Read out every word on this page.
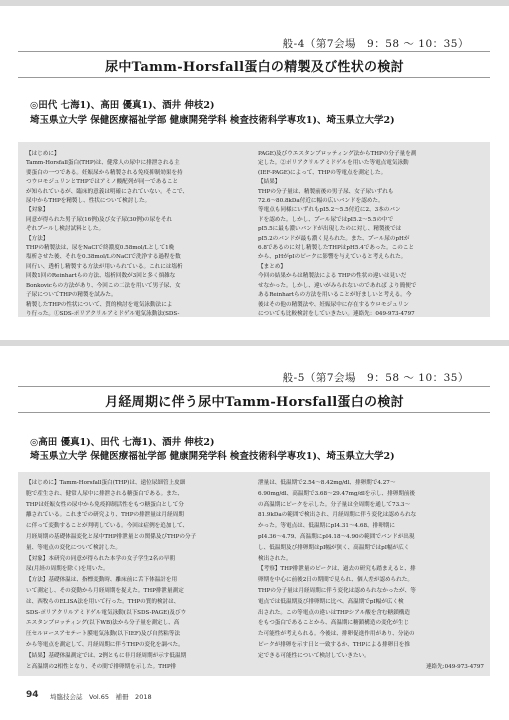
般-4（第7会場　9：58 ～ 10：35）
尿中Tamm-Horsfall蛋白の精製及び性状の検討
◎田代 七海1)、高田 優真1)、酒井 伸枝2)
埼玉県立大学 保健医療福祉学部 健康開発学科 検査技術科学専攻1)、埼玉県立大学2)

【はじめに】

Tamm-Horsfall蛋白(THP)は、健常人の尿中に排泄される主

要蛋白の一つである。妊娠尿から精製される免疫抑制効果を持

つウロモジュリンとTHPではアミノ酸配列が同一であること

が知られているが、臨床的意義は明確にされていない。そこで、

尿中からTHPを精製し、性状について検討した。

【対象】

同意が得られた男子尿(16例)及び女子尿(30例)の尿をそれ

ぞれプールし検討試料とした。

【方法】

THPの精製法は、尿をNaClで終濃度0.58mol/Lとして1晩

塩析させた後、それを0.38mol/LのNaClで洗浄する過程を数

回行い、透析し精製する方法が用いられている。これには塩析

回数1回のReinhartらの方法、塩析回数が3回と多く煩雑な

Bonkovicらの方法があり、今回この二法を用いて男子尿、女

子尿についてTHPの精製を試みた。

精製したTHPの性状について、質的検討を電気泳動法によ

り行った。①SDS-ポリアクリルアミドゲル電気泳動法(SDS-

PAGE)及びウエスタンブロッティング法からTHPの分子量を測

定した。②ポリアクリルアミドゲルを用いた等電点電気泳動

(IEF-PAGE)によって、THPの等電点を測定した。

【結果】

THPの分子量は、精製前後の男子尿、女子尿いずれも

72.6～80.8kDa付近に幅の広いバンドを認めた。

等電点も同様にいずれもpI5.2～5.5付近に2、3本のバン

ドを認めた。しかし、プール尿ではpI5.2～5.5の中で

pI5.5に最も濃いバンドが出現したのに対し、精製後では

pI5.2のバンドが最も濃く見られた。また、プール尿のpHが

6.8であるのに対し精製したTHPはpH5.4であった。このこと

から、pHがpIのピークに影響を与えていると考えられた。

【まとめ】

今回の結果からは精製法による THPの性状の違いは見いだ

せなかった。しかし、違いがみられないのであれば より簡便で

あるReinhartらの方法を用いることが好ましいと考える。今

後はその他の精製法や、妊娠尿中に存在するウロモジュリン

についても比較検討をしていきたい。連絡先：049-973-4797

般-5（第7会場　9：58 ～ 10：35）
月経周期に伴う尿中Tamm-Horsfall蛋白の検討
◎高田 優真1)、田代 七海1)、酒井 伸枝2)
埼玉県立大学 保健医療福祉学部 健康開発学科 検査技術科学専攻1)、埼玉県立大学2)

【はじめに】Tamm-Horsfall蛋白(THP)は、遠位尿細管上皮細

胞で産生され、健常人尿中に排泄される糖蛋白である。また、

THPは妊娠女性の尿中から免疫抑制活性をもつ糖蛋白として分

離されている。これまでの研究より、THPの排泄量は月経周期

に伴って変動することが判明している。今回は症例を追加して、

月経周期の基礎体温変化と尿中THP排泄量との関係及びTHPの分子

量、等電点の変化について検討した。

【対象】本研究の同意が得られた本学の女子学生2名の早朝

尿(月経の周期を除く)を用いた。

【方法】基礎体温は、指標変動時、離床前に舌下体温計を用

いて測定し、その変動から月経周期を捉えた。THP排泄量測定

は、西牧らのELISA法を用いて行った。THPの質的検討は、

SDS-ポリアクリルアミドゲル電気泳動(以下SDS-PAGE)及びウ

エスタンブロッティング(以下WB)法から分子量を測定し、高

圧セルロースアセテート膜電気泳動(以下IEF)及び自然粘等法

から等電点を測定して、月経周期に伴うTHPの変化を調べた。

【結果】基礎体温測定では、2例ともに非月経周期が示す低温期

と高温期の2相性となり、その間で排卵期を示した。THP排

泄量は、低温期で2.54～8.42mg/dl、排卵期で4.27～

6.90mg/dl、高温期で3.68～29.47mg/dlを示し、排卵期前後

の高温期にピークを示した。分子量は全周期を通して73.3～

81.9kDaの範囲で検出され、月経周期に伴う変化は認められな

かった。等電点は、低温期にpI4.31～4.68、排卵期に

pI4.36～4.79、高温期にpI4.18～4.90の範囲でバンドが出現

し、低温期及び排卵期はpI幅が狭く、高温期ではpI幅が広く

検出された。

【考察】THP排泄量のピークは、過去の研究も踏まえると、排

卵期を中心に前後2日の期間で見られ、個人差が認められた。

THPの分子量は月経周期に伴う変化は認められなかったが、等

電点では低温期及び排卵期に比べ、高温期でpI幅が広く検

出された。この等電点の違いはTHPシアル酸を含む糖鎖構造

をもつ蛋白であることから、高温期に糖鎖構造の変化が生じ

た可能性が考えられる。今後は、排卵促進作用があり、分泌の

ピークが排卵を示す日と一致するか、THPによる排卵日を推

定できる可能性について検討していきたい。

連絡先:049-973-4797

94 埼臨技会誌　Vol.65　補冊　2018
